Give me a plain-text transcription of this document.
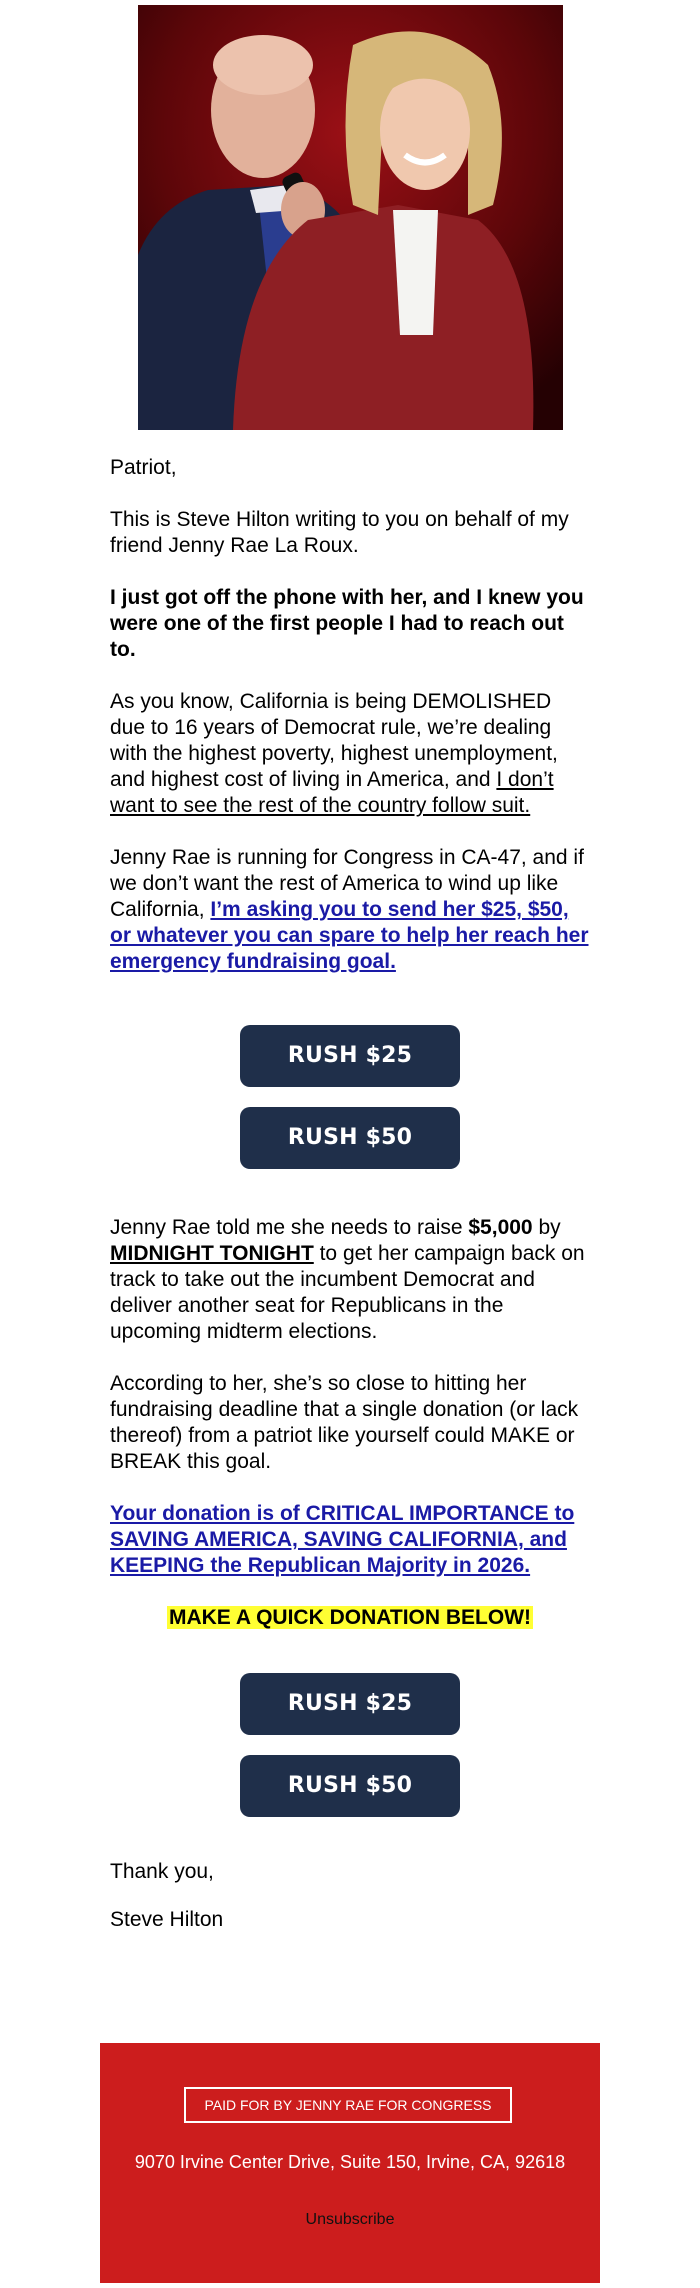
Patriot,

This is Steve Hilton writing to you on behalf of my friend Jenny Rae La Roux.

I just got off the phone with her, and I knew you were one of the first people I had to reach out to.

As you know, California is being DEMOLISHED due to 16 years of Democrat rule, we’re dealing with the highest poverty, highest unemployment, and highest cost of living in America, and I don’t want to see the rest of the country follow suit.

Jenny Rae is running for Congress in CA-47, and if we don’t want the rest of America to wind up like California, I’m asking you to send her $25, $50, or whatever you can spare to help her reach her emergency fundraising goal.

RUSH $25
RUSH $50

Jenny Rae told me she needs to raise $5,000 by MIDNIGHT TONIGHT to get her campaign back on track to take out the incumbent Democrat and deliver another seat for Republicans in the upcoming midterm elections.

According to her, she’s so close to hitting her fundraising deadline that a single donation (or lack thereof) from a patriot like yourself could MAKE or BREAK this goal.

Your donation is of CRITICAL IMPORTANCE to SAVING AMERICA, SAVING CALIFORNIA, and KEEPING the Republican Majority in 2026.

MAKE A QUICK DONATION BELOW!
RUSH $25
RUSH $50

Thank you,

Steve Hilton

PAID FOR BY JENNY RAE FOR CONGRESS
9070 Irvine Center Drive, Suite 150, Irvine, CA, 92618
Unsubscribe
